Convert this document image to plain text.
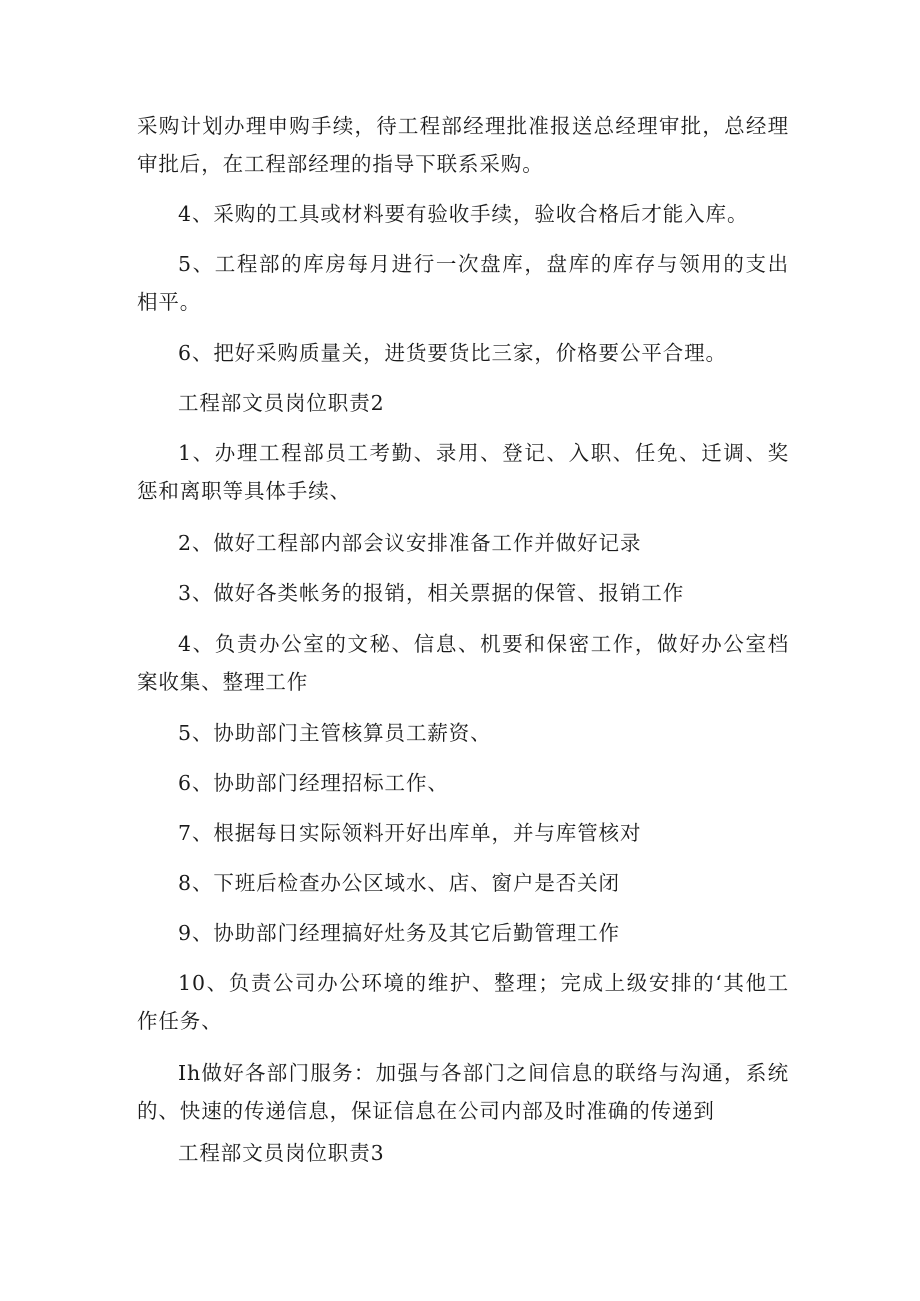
采购计划办理申购手续，待工程部经理批准报送总经理审批，总经理审批后，在工程部经理的指导下联系采购。

4、采购的工具或材料要有验收手续，验收合格后才能入库。

5、工程部的库房每月进行一次盘库，盘库的库存与领用的支出相平。

6、把好采购质量关，进货要货比三家，价格要公平合理。

工程部文员岗位职责2

1、办理工程部员工考勤、录用、登记、入职、任免、迁调、奖惩和离职等具体手续、

2、做好工程部内部会议安排准备工作并做好记录

3、做好各类帐务的报销，相关票据的保管、报销工作

4、负责办公室的文秘、信息、机要和保密工作，做好办公室档案收集、整理工作

5、协助部门主管核算员工薪资、

6、协助部门经理招标工作、

7、根据每日实际领料开好出库单，并与库管核对

8、下班后检查办公区域水、店、窗户是否关闭

9、协助部门经理搞好灶务及其它后勤管理工作

10、负责公司办公环境的维护、整理；完成上级安排的‘其他工作任务、

Ih做好各部门服务：加强与各部门之间信息的联络与沟通，系统的、快速的传递信息，保证信息在公司内部及时准确的传递到

工程部文员岗位职责3
